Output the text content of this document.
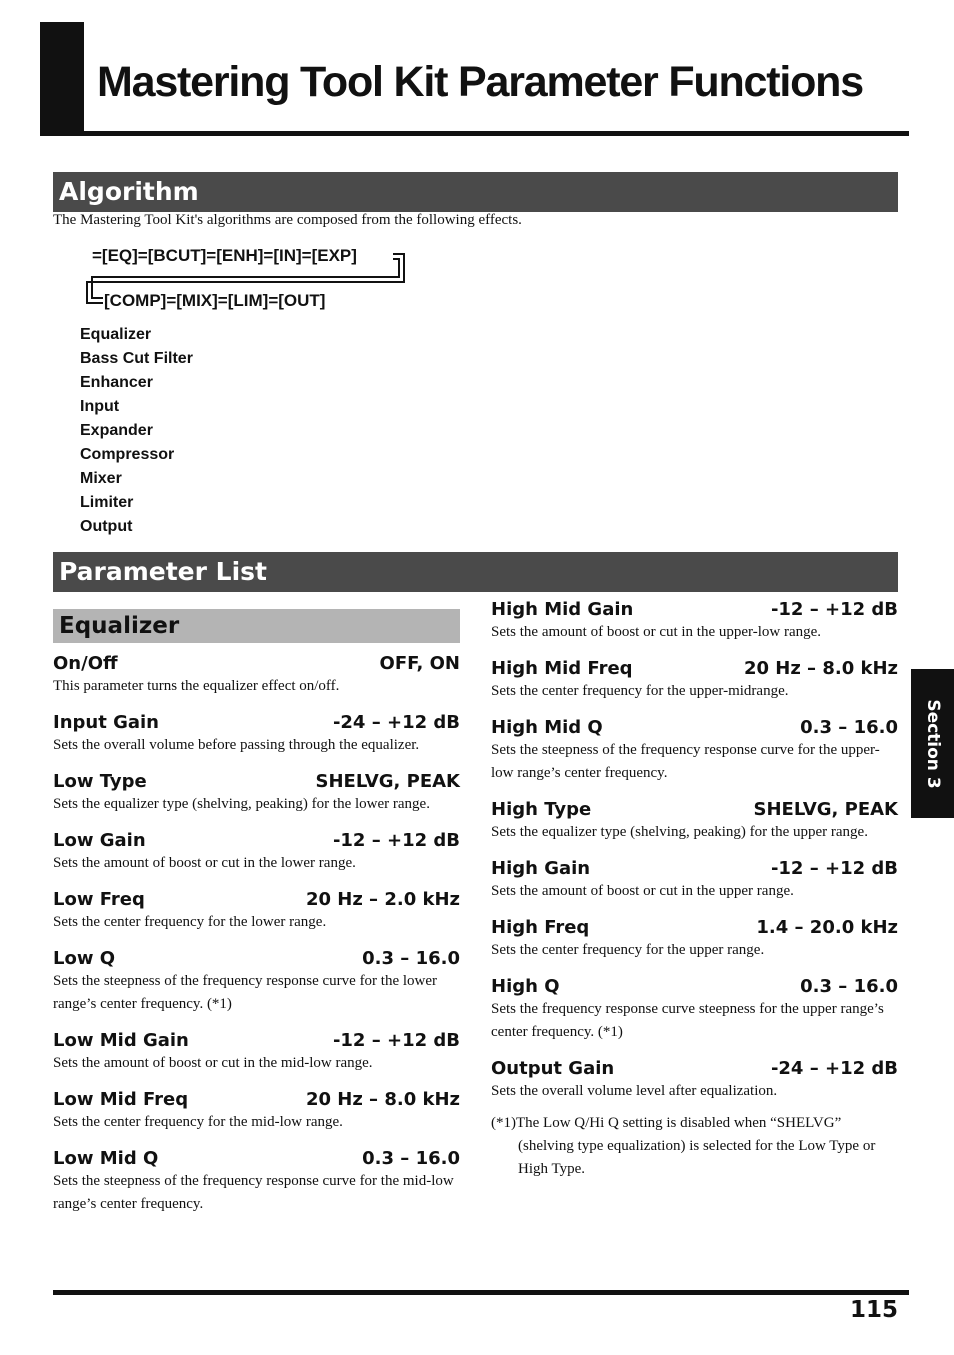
Mastering Tool Kit Parameter Functions
Algorithm
The Mastering Tool Kit's algorithms are composed from the following effects.
=[EQ]=[BCUT]=[ENH]=[IN]=[EXP]
[COMP]=[MIX]=[LIM]=[OUT]
Equalizer
Bass Cut Filter
Enhancer
Input
Expander
Compressor
Mixer
Limiter
Output
Parameter List
Equalizer
On/Off	OFF, ON
This parameter turns the equalizer effect on/off.
Input Gain	-24 – +12 dB
Sets the overall volume before passing through the equalizer.
Low Type	SHELVG, PEAK
Sets the equalizer type (shelving, peaking) for the lower range.
Low Gain	-12 – +12 dB
Sets the amount of boost or cut in the lower range.
Low Freq	20 Hz – 2.0 kHz
Sets the center frequency for the lower range.
Low Q	0.3 – 16.0
Sets the steepness of the frequency response curve for the lower range’s center frequency. (*1)
Low Mid Gain	-12 – +12 dB
Sets the amount of boost or cut in the mid-low range.
Low Mid Freq	20 Hz – 8.0 kHz
Sets the center frequency for the mid-low range.
Low Mid Q	0.3 – 16.0
Sets the steepness of the frequency response curve for the mid-low range’s center frequency.
High Mid Gain	-12 – +12 dB
Sets the amount of boost or cut in the upper-low range.
High Mid Freq	20 Hz – 8.0 kHz
Sets the center frequency for the upper-midrange.
High Mid Q	0.3 – 16.0
Sets the steepness of the frequency response curve for the upper-low range’s center frequency.
High Type	SHELVG, PEAK
Sets the equalizer type (shelving, peaking) for the upper range.
High Gain	-12 – +12 dB
Sets the amount of boost or cut in the upper range.
High Freq	1.4 – 20.0 kHz
Sets the center frequency for the upper range.
High Q	0.3 – 16.0
Sets the frequency response curve steepness for the upper range’s center frequency. (*1)
Output Gain	-24 – +12 dB
Sets the overall volume level after equalization.
(*1)The Low Q/Hi Q setting is disabled when “SHELVG” (shelving type equalization) is selected for the Low Type or High Type.
Section 3
115
